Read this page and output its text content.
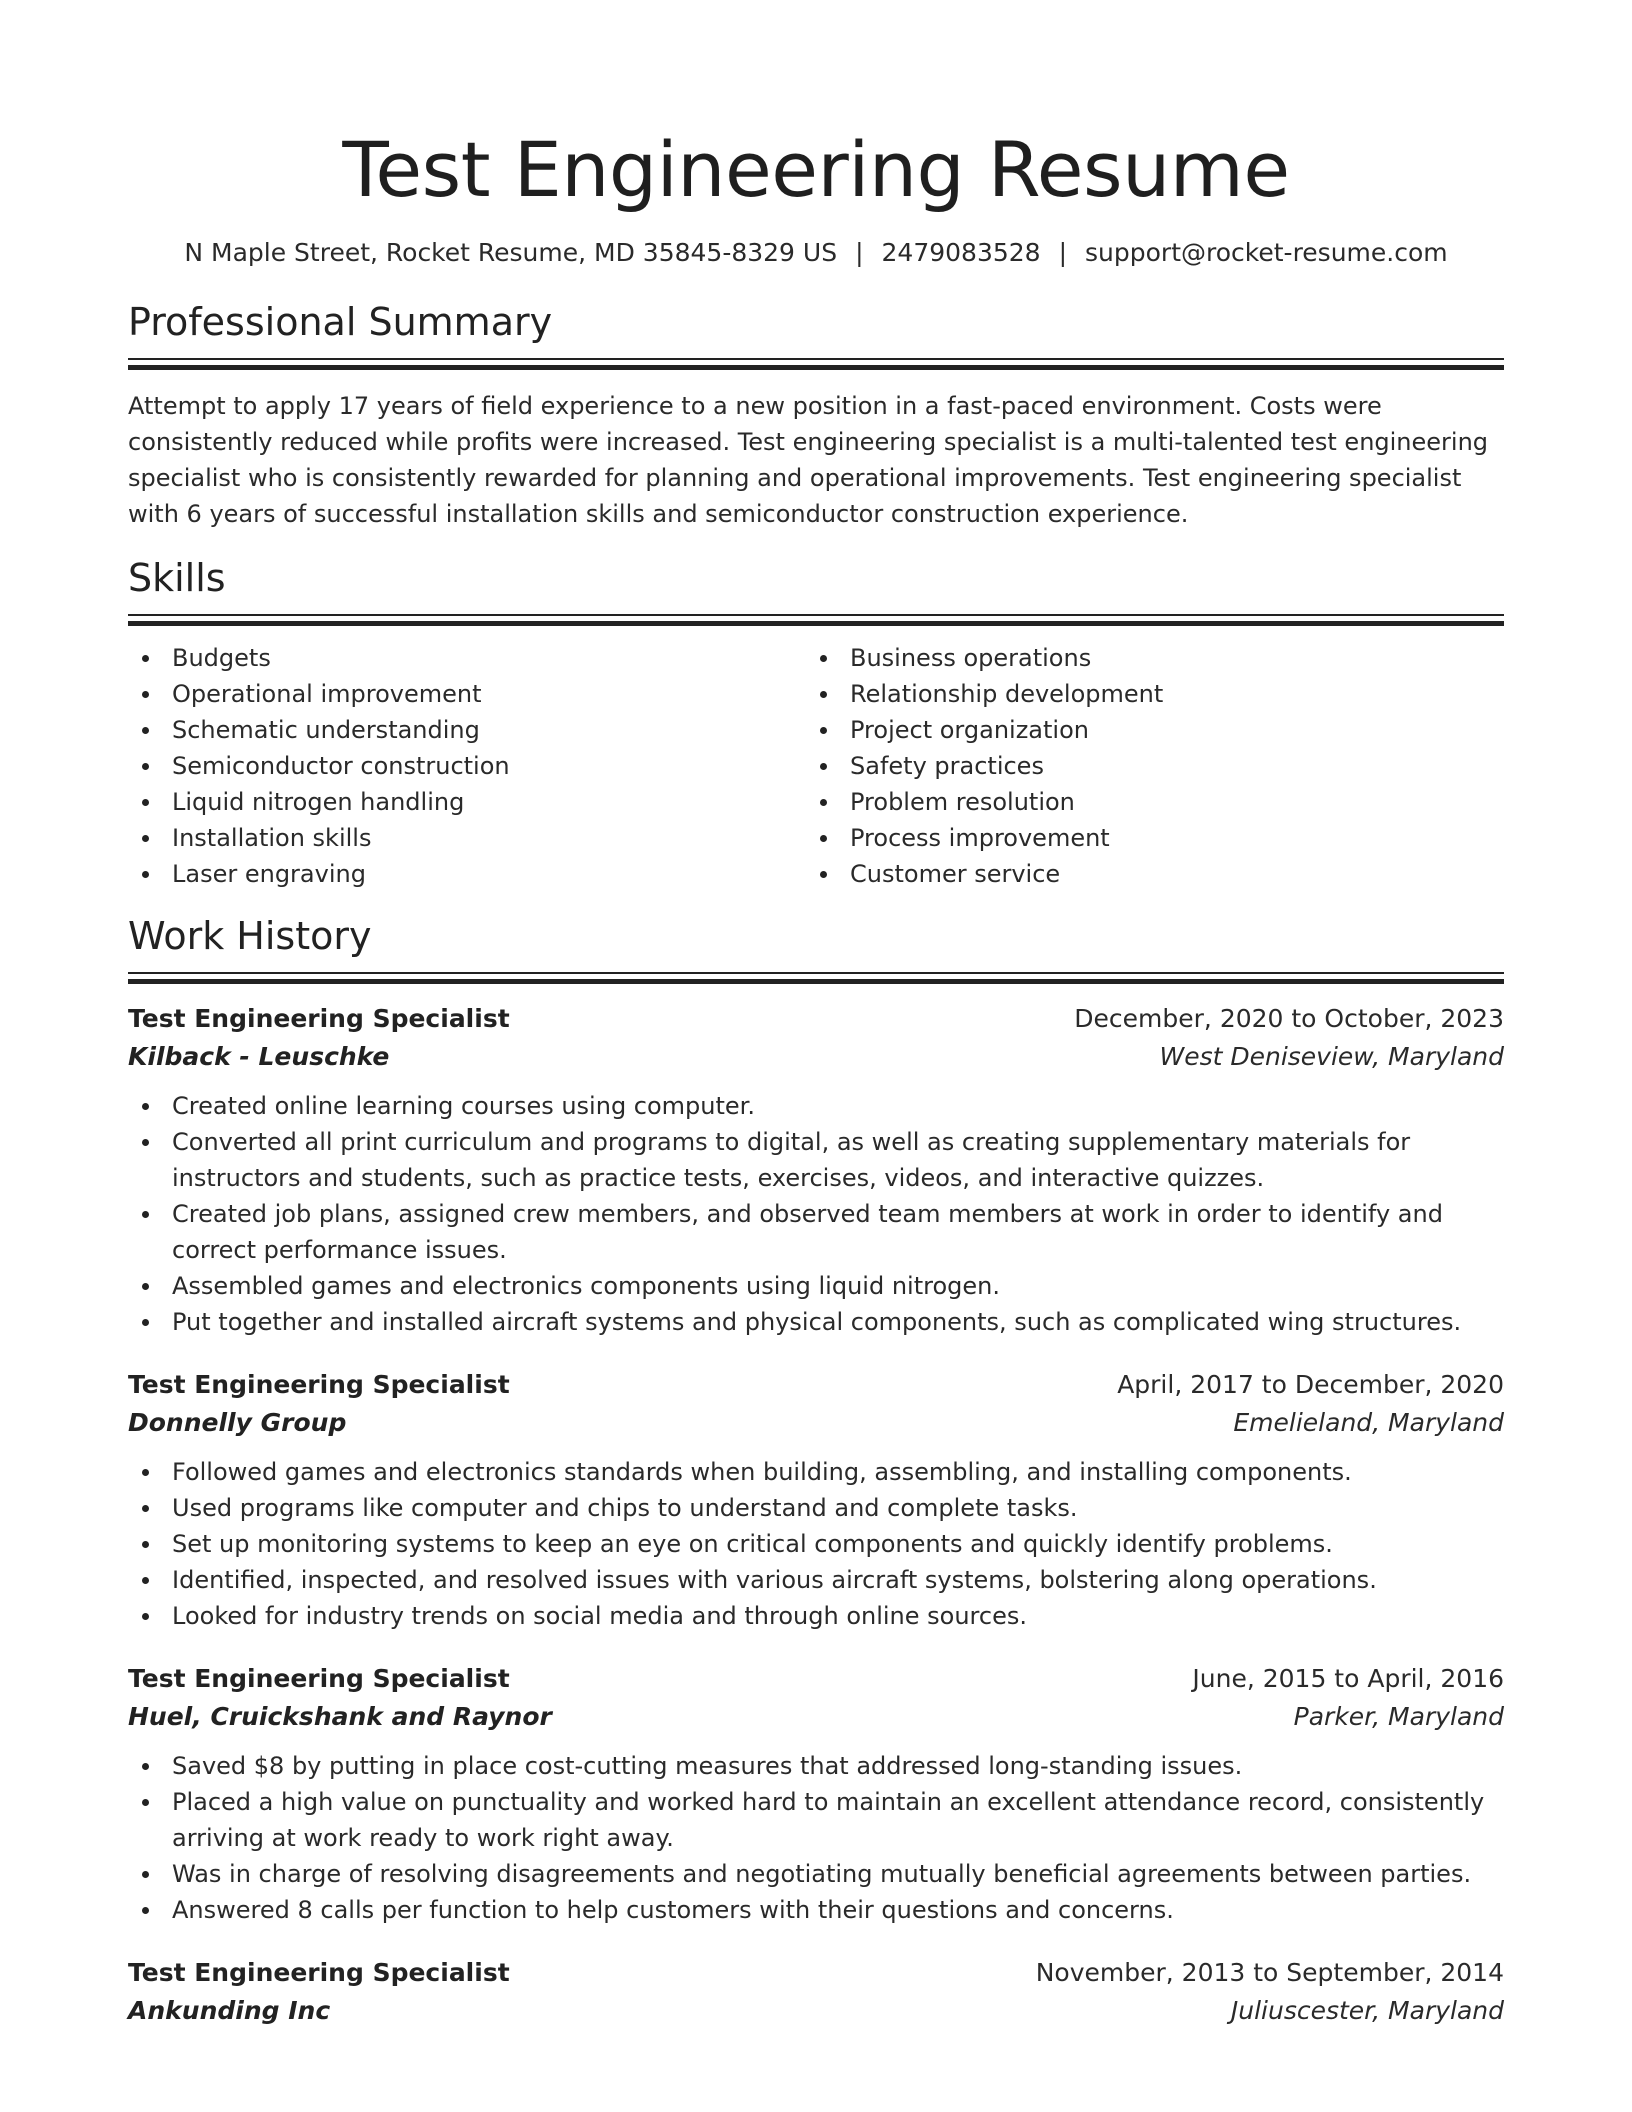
Test Engineering Resume
N Maple Street, Rocket Resume, MD 35845-8329 US | 2479083528 | support@rocket-resume.com
Professional Summary

Attempt to apply 17 years of field experience to a new position in a fast-paced environment. Costs were consistently reduced while profits were increased. Test engineering specialist is a multi-talented test engineering specialist who is consistently rewarded for planning and operational improvements. Test engineering specialist with 6 years of successful installation skills and semiconductor construction experience.

Skills
Budgets
Operational improvement
Schematic understanding
Semiconductor construction
Liquid nitrogen handling
Installation skills
Laser engraving
Business operations
Relationship development
Project organization
Safety practices
Problem resolution
Process improvement
Customer service
Work History
Test Engineering Specialist	December, 2020 to October, 2023
Kilback - Leuschke	West Deniseview, Maryland
Created online learning courses using computer.
Converted all print curriculum and programs to digital, as well as creating supplementary materials for instructors and students, such as practice tests, exercises, videos, and interactive quizzes.
Created job plans, assigned crew members, and observed team members at work in order to identify and correct performance issues.
Assembled games and electronics components using liquid nitrogen.
Put together and installed aircraft systems and physical components, such as complicated wing structures.
Test Engineering Specialist	April, 2017 to December, 2020
Donnelly Group	Emelieland, Maryland
Followed games and electronics standards when building, assembling, and installing components.
Used programs like computer and chips to understand and complete tasks.
Set up monitoring systems to keep an eye on critical components and quickly identify problems.
Identified, inspected, and resolved issues with various aircraft systems, bolstering along operations.
Looked for industry trends on social media and through online sources.
Test Engineering Specialist	June, 2015 to April, 2016
Huel, Cruickshank and Raynor	Parker, Maryland
Saved $8 by putting in place cost-cutting measures that addressed long-standing issues.
Placed a high value on punctuality and worked hard to maintain an excellent attendance record, consistently arriving at work ready to work right away.
Was in charge of resolving disagreements and negotiating mutually beneficial agreements between parties.
Answered 8 calls per function to help customers with their questions and concerns.
Test Engineering Specialist	November, 2013 to September, 2014
Ankunding Inc	Juliuscester, Maryland
